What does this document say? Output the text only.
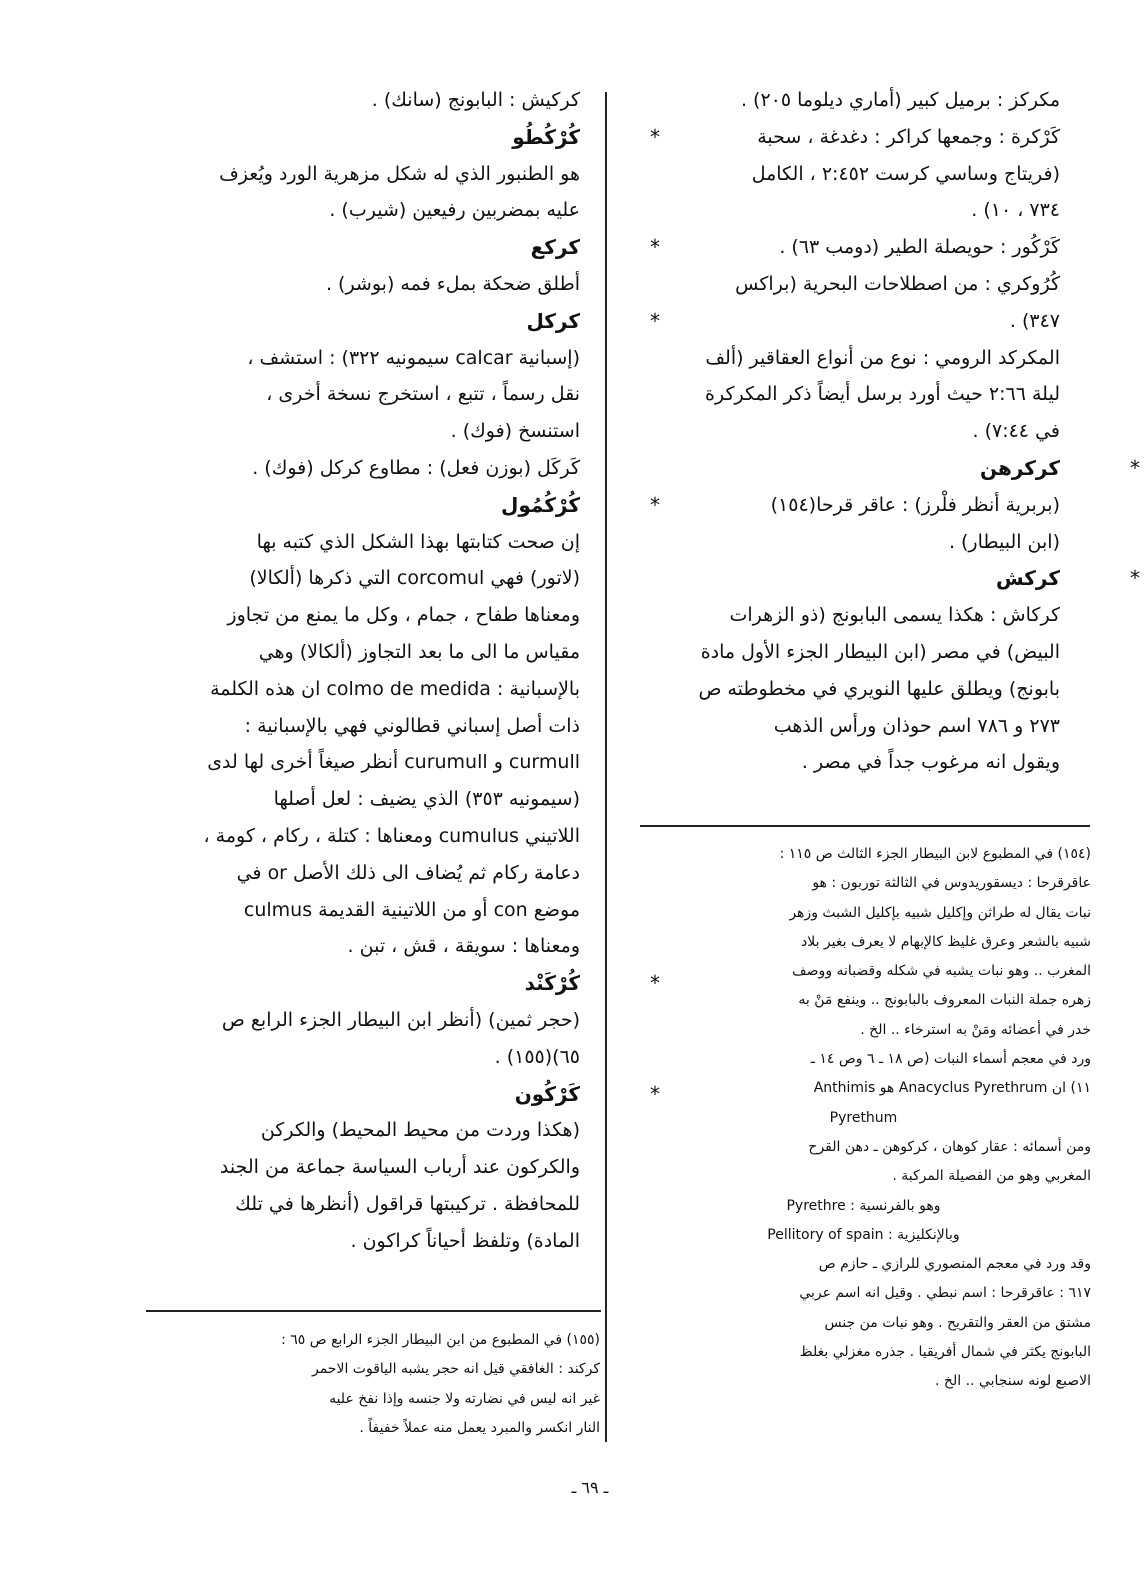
مكركز : برميل كبير (أماري ديلوما ٢٠٥) .
كَرْكرة : وجمعها كراكر : دغدغة ، سحبة
(فريتاج وساسي كرست ٢:٤٥٢ ، الكامل
٧٣٤ ، ١٠) .
كَرْكُور : حويصلة الطير (دومب ٦٣) .
كُرُوكري : من اصطلاحات البحرية (براكس
٣٤٧) .
المكركد الرومي : نوع من أنواع العقاقير (ألف
ليلة ٢:٦٦ حيث أورد برسل أيضاً ذكر المكركرة
في ٧:٤٤) .
*كركرهن
(بربرية أنظر فلْرز) : عاقر قرحا(١٥٤)
(ابن البيطار) .
*كركش
كركاش : هكذا يسمى البابونج (ذو الزهرات
البيض) في مصر (ابن البيطار الجزء الأول مادة
بابونج) ويطلق عليها النويري في مخطوطته ص
٢٧٣ و ٧٨٦ اسم حوذان ورأس الذهب
ويقول انه مرغوب جداً في مصر .
كركيش : البابونج (سانك) .
*كُرْكُطُو
هو الطنبور الذي له شكل مزهرية الورد ويُعزف
عليه بمضربين رفيعين (شيرب) .
*كركع
أطلق ضحكة بملء فمه (بوشر) .
*كركل
(إسبانية calcar سيمونيه ٣٢٢) : استشف ،
نقل رسماً ، تتبع ، استخرج نسخة أخرى ،
استنسخ (فوك) .
كَركَل (بوزن فعل) : مطاوع كركل (فوك) .
*كُرْكُمُول
إن صحت كتابتها بهذا الشكل الذي كتبه بها
(لاتور) فهي corcomul التي ذكرها (ألكالا)
ومعناها طفاح ، جمام ، وكل ما يمنع من تجاوز
مقياس ما الى ما بعد التجاوز (ألكالا) وهي
بالإسبانية : colmo de medida ان هذه الكلمة
ذات أصل إسباني قطالوني فهي بالإسبانية :
curmull و curumull أنظر صيغاً أخرى لها لدى
(سيمونيه ٣٥٣) الذي يضيف : لعل أصلها
اللاتيني cumulus ومعناها : كتلة ، ركام ، كومة ،
دعامة ركام ثم يُضاف الى ذلك الأصل or في
موضع con أو من اللاتينية القديمة culmus
ومعناها : سويقة ، قش ، تبن .
*كُرْكَنْد
(حجر ثمين) (أنظر ابن البيطار الجزء الرابع ص
٦٥)(١٥٥) .
*كَرْكُون
(هكذا وردت من محيط المحيط) والكركن
والكركون عند أرباب السياسة جماعة من الجند
للمحافظة . تركيبتها قراقول (أنظرها في تلك
المادة) وتلفظ أحياناً كراكون .
(١٥٤) في المطبوع لابن البيطار الجزء الثالث ص ١١٥ :
عاقرقرحا : ديسقوريدوس في الثالثة توربون : هو
نبات يقال له طراثن وإكليل شبيه بإكليل الشبث وزهر
شبيه بالشعر وعرق غليظ كالإبهام لا يعرف بغير بلاد
المغرب .. وهو نبات يشبه في شكله وقضبانه ووصف
زهره جملة النبات المعروف بالبابونج .. وينفع مَنْ به
خدر في أعضائه ومَنْ به استرخاء .. الخ .
ورد في معجم أسماء النبات (ص ١٨ ـ ٦ وص ١٤ ـ
١١) ان Anacyclus Pyrethrum هو Anthimis
Pyrethum
ومن أسمائه : عقار كوهان ، كركوهن ـ دهن القرح
المغربي وهو من الفصيلة المركبة .
وهو بالفرنسية : Pyrethre
وبالإنكليزية : Pellitory of spain
وقد ورد في معجم المنصوري للرازي ـ حازم ص
٦١٧ : عاقرقرحا : اسم نبطي . وقيل انه اسم عربي
مشتق من العقر والتقريح . وهو نبات من جنس
البابونج يكثر في شمال أفريقيا . جذره مغزلي بغلظ
الاصبع لونه سنجابي .. الخ .
(١٥٥) في المطبوع من ابن البيطار الجزء الرابع ص ٦٥ :
كركند : الغافقي قيل انه حجر يشبه الياقوت الاحمر
غير انه ليس في نضارته ولا جنسه وإذا نفخ عليه
النار انكسر والمبرد يعمل منه عملاً خفيفاً .
ـ ٦٩ ـ
